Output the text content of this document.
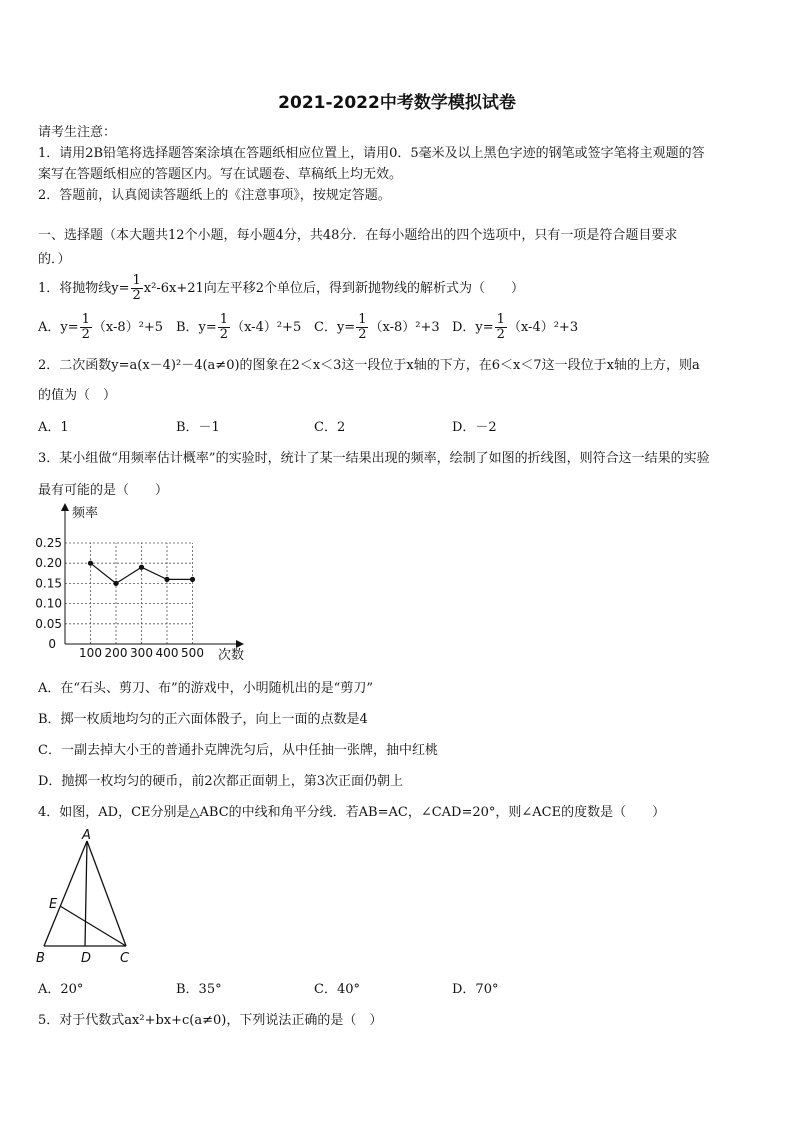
2021-2022中考数学模拟试卷
请考生注意：
1．请用2B铅笔将选择题答案涂填在答题纸相应位置上，请用0．5毫米及以上黑色字迹的钢笔或签字笔将主观题的答
案写在答题纸相应的答题区内。写在试题卷、草稿纸上均无效。
2．答题前，认真阅读答题纸上的《注意事项》，按规定答题。
一、选择题（本大题共12个小题，每小题4分，共48分．在每小题给出的四个选项中，只有一项是符合题目要求
的．）
1．将抛物线$y= \frac{1}{2} x^2-6x+21$向左平移2个单位后，得到新抛物线的解析式为（　　）
A．$y= \frac{1}{2} (x-8)^2+5$ B．$y= \frac{1}{2} (x-4)^2+5$ C．$y= \frac{1}{2} (x-8)^2+3$ D．$y= \frac{1}{2} (x-4)^2+3$
2．二次函数y=a(x－4)²－4(a≠0)的图象在2＜x＜3这一段位于x轴的下方，在6＜x＜7这一段位于x轴的上方，则a
的值为（　）
A．1	B．－1	C．2	D．－2
3．某小组做“用频率估计概率”的实验时，统计了某一结果出现的频率，绘制了如图的折线图，则符合这一结果的实验
最有可能的是（　　）
0
0.05
0.10
0.15
0.20
0.25
100 200 300 400 500
频率
次数
A．在“石头、剪刀、布”的游戏中，小明随机出的是“剪刀”
B．掷一枚质地均匀的正六面体骰子，向上一面的点数是4
C．一副去掉大小王的普通扑克牌洗匀后，从中任抽一张牌，抽中红桃
D．抛掷一枚均匀的硬币，前2次都正面朝上，第3次正面仍朝上
4．如图，AD，CE分别是△ABC的中线和角平分线．若AB=AC，∠CAD=20°，则∠ACE的度数是（　　）
A
E
B	D C
A．20°	B．35°	C．40°	D．70°
5．对于代数式ax²+bx+c(a≠0)，下列说法正确的是（　）
